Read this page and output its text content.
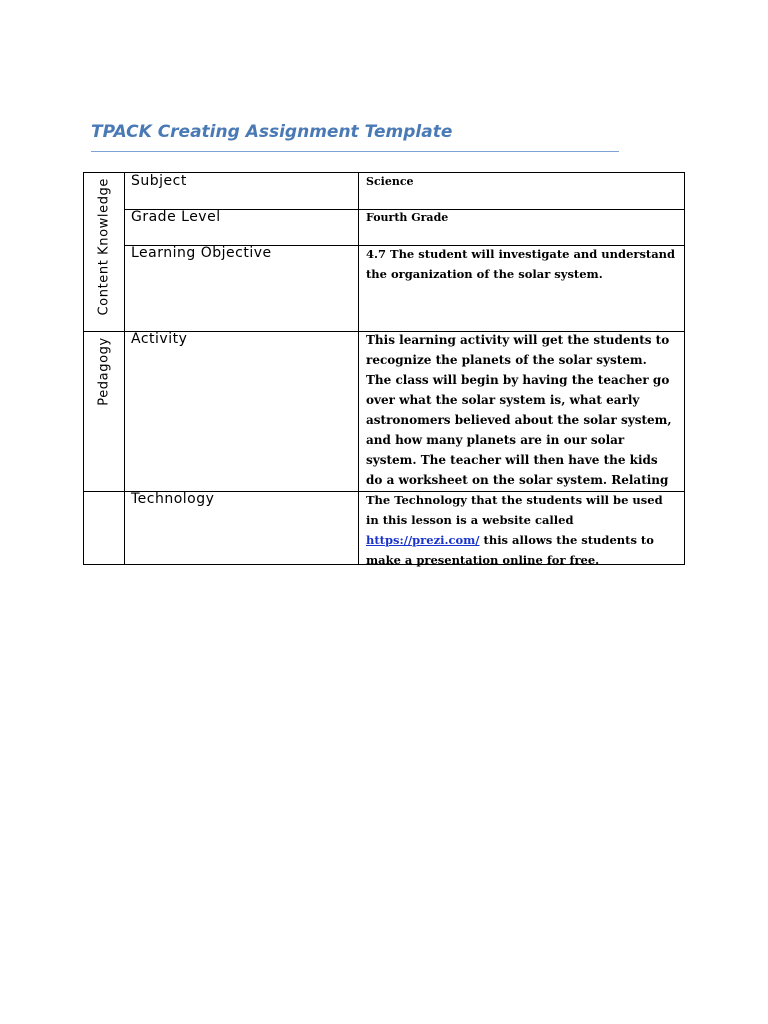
TPACK Creating Assignment Template
Content Knowledge
Pedagogy
Subject	Science
Grade Level	Fourth Grade
Learning Objective	4.7 The student will investigate and understand the organization of the solar system.
Activity	This learning activity will get the students to recognize the planets of the solar system. The class will begin by having the teacher go over what the solar system is, what early astronomers believed about the solar system, and how many planets are in our solar system. The teacher will then have the kids do a worksheet on the solar system. Relating
Technology	The Technology that the students will be used in this lesson is a website called https://prezi.com/ this allows the students to make a presentation online for free.
